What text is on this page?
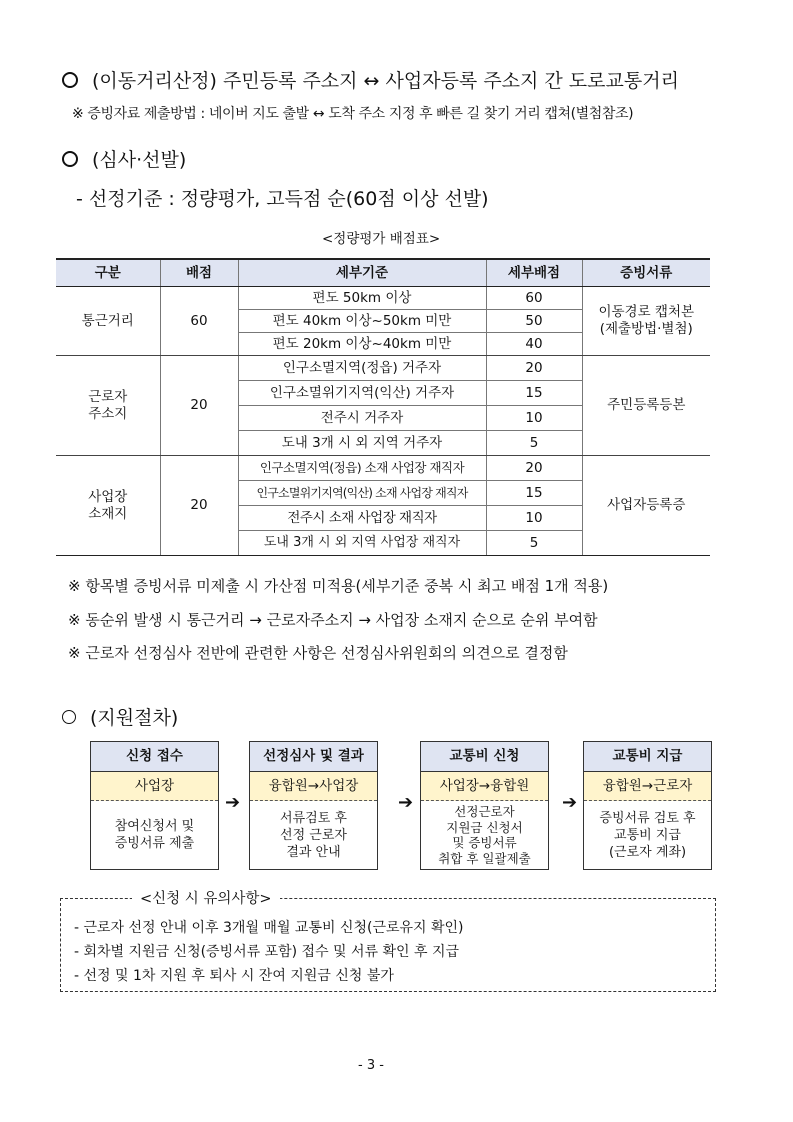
(이동거리산정) 주민등록 주소지 ↔ 사업자등록 주소지 간 도로교통거리
※ 증빙자료 제출방법 : 네이버 지도 출발 ↔ 도착 주소 지정 후 빠른 길 찾기 거리 캡쳐(별첨참조)
(심사·선발)
- 선정기준 : 정량평가, 고득점 순(60점 이상 선발)
<정량평가 배점표>
구분	배점	세부기준	세부배점	증빙서류
통근거리	60	편도 50km 이상	60	이동경로 캡처본
(제출방법·별첨)
		편도 40km 이상~50km 미만	50	
		편도 20km 이상~40km 미만	40	
근로자
주소지	20	인구소멸지역(정읍) 거주자	20	주민등록등본
		인구소멸위기지역(익산) 거주자	15	
		전주시 거주자	10	
		도내 3개 시 외 지역 거주자	5	
사업장
소재지	20	인구소멸지역(정읍) 소재 사업장 재직자	20	사업자등록증
		인구소멸위기지역(익산) 소재 사업장 재직자	15	
		전주시 소재 사업장 재직자	10	
		도내 3개 시 외 지역 사업장 재직자	5	
※ 항목별 증빙서류 미제출 시 가산점 미적용(세부기준 중복 시 최고 배점 1개 적용)
※ 동순위 발생 시 통근거리 → 근로자주소지 → 사업장 소재지 순으로 순위 부여함
※ 근로자 선정심사 전반에 관련한 사항은 선정심사위원회의 의견으로 결정함
(지원절차)
신청 접수
사업장
참여신청서 및
증빙서류 제출
➔
선정심사 및 결과
융합원→사업장
서류검토 후
선정 근로자
결과 안내
➔
교통비 신청
사업장→융합원
선정근로자
지원금 신청서
및 증빙서류
취합 후 일괄제출
➔
교통비 지급
융합원→근로자
증빙서류 검토 후
교통비 지급
(근로자 계좌)
<신청 시 유의사항>
- 근로자 선정 안내 이후 3개월 매월 교통비 신청(근로유지 확인)
- 회차별 지원금 신청(증빙서류 포함) 접수 및 서류 확인 후 지급
- 선정 및 1차 지원 후 퇴사 시 잔여 지원금 신청 불가
- 3 -
